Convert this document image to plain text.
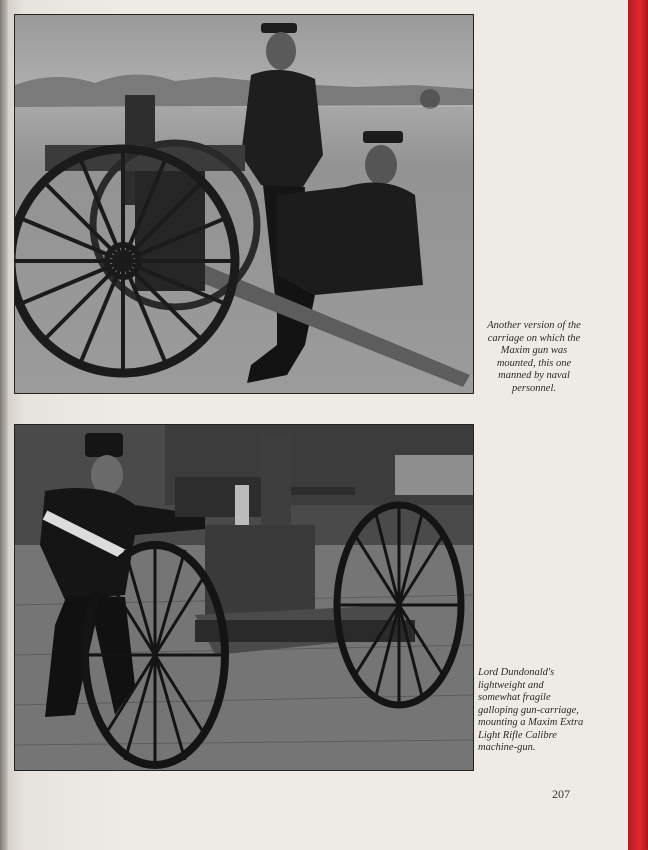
Another version of the carriage on which the Maxim gun was mounted, this one manned by naval personnel.
Lord Dundonald's lightweight and somewhat fragile galloping gun-carriage, mounting a Maxim Extra Light Rifle Calibre machine-gun.
207
